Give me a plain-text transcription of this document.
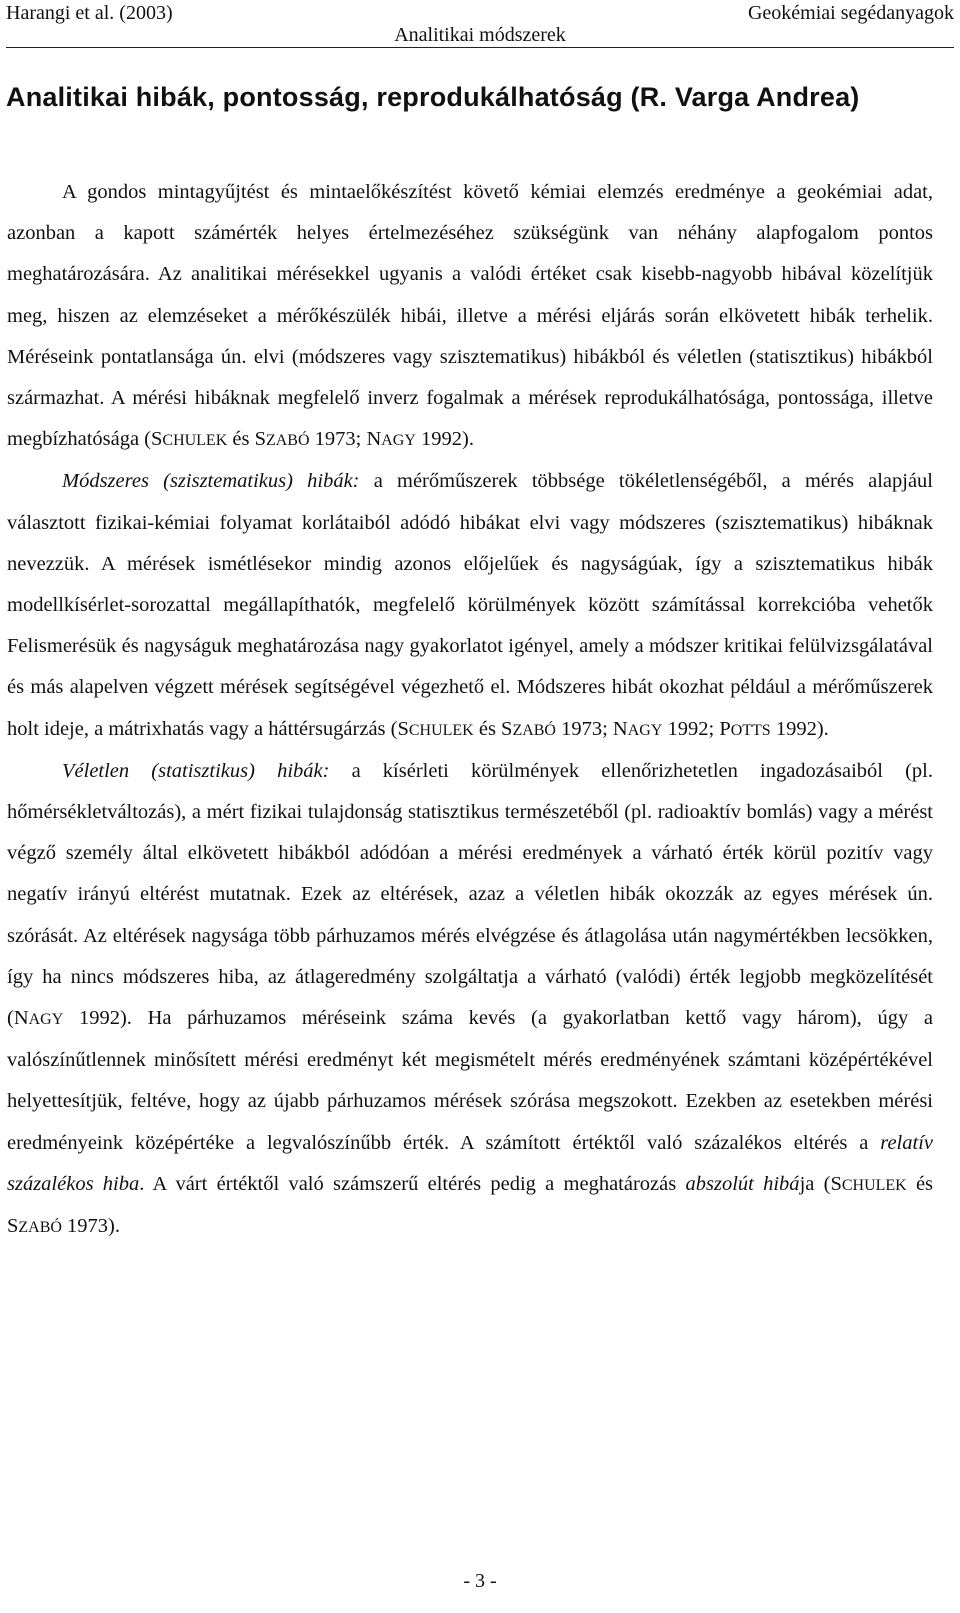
Harangi et al. (2003)	Geokémiai segédanyagok
Analitikai módszerek
Analitikai hibák, pontosság, reprodukálhatóság (R. Varga Andrea)

A gondos mintagyűjtést és mintaelőkészítést követő kémiai elemzés eredménye a geokémiai adat, azonban a kapott számérték helyes értelmezéséhez szükségünk van néhány alapfogalom pontos meghatározására. Az analitikai mérésekkel ugyanis a valódi értéket csak kisebb-nagyobb hibával közelítjük meg, hiszen az elemzéseket a mérőkészülék hibái, illetve a mérési eljárás során elkövetett hibák terhelik. Méréseink pontatlansága ún. elvi (módszeres vagy szisztematikus) hibákból és véletlen (statisztikus) hibákból származhat. A mérési hibáknak megfelelő inverz fogalmak a mérések reprodukálhatósága, pontossága, illetve megbízhatósága (SCHULEK és SZABÓ 1973; NAGY 1992).

Módszeres (szisztematikus) hibák: a mérőműszerek többsége tökéletlenségéből, a mérés alapjául választott fizikai-kémiai folyamat korlátaiból adódó hibákat elvi vagy módszeres (szisztematikus) hibáknak nevezzük. A mérések ismétlésekor mindig azonos előjelűek és nagyságúak, így a szisztematikus hibák modellkísérlet-sorozattal megállapíthatók, megfelelő körülmények között számítással korrekcióba vehetők Felismerésük és nagyságuk meghatározása nagy gyakorlatot igényel, amely a módszer kritikai felülvizsgálatával és más alapelven végzett mérések segítségével végezhető el. Módszeres hibát okozhat például a mérőműszerek holt ideje, a mátrixhatás vagy a háttérsugárzás (SCHULEK és SZABÓ 1973; NAGY 1992; POTTS 1992).

Véletlen (statisztikus) hibák: a kísérleti körülmények ellenőrizhetetlen ingadozásaiból (pl. hőmérsékletváltozás), a mért fizikai tulajdonság statisztikus természetéből (pl. radioaktív bomlás) vagy a mérést végző személy által elkövetett hibákból adódóan a mérési eredmények a várható érték körül pozitív vagy negatív irányú eltérést mutatnak. Ezek az eltérések, azaz a véletlen hibák okozzák az egyes mérések ún. szórását. Az eltérések nagysága több párhuzamos mérés elvégzése és átlagolása után nagymértékben lecsökken, így ha nincs módszeres hiba, az átlageredmény szolgáltatja a várható (valódi) érték legjobb megközelítését (NAGY 1992). Ha párhuzamos méréseink száma kevés (a gyakorlatban kettő vagy három), úgy a valószínűtlennek minősített mérési eredményt két megismételt mérés eredményének számtani középértékével helyettesítjük, feltéve, hogy az újabb párhuzamos mérések szórása megszokott. Ezekben az esetekben mérési eredményeink középértéke a legvalószínűbb érték. A számított értéktől való százalékos eltérés a relatív százalékos hiba. A várt értéktől való számszerű eltérés pedig a meghatározás abszolút hibája (SCHULEK és SZABÓ 1973).

- 3 -
